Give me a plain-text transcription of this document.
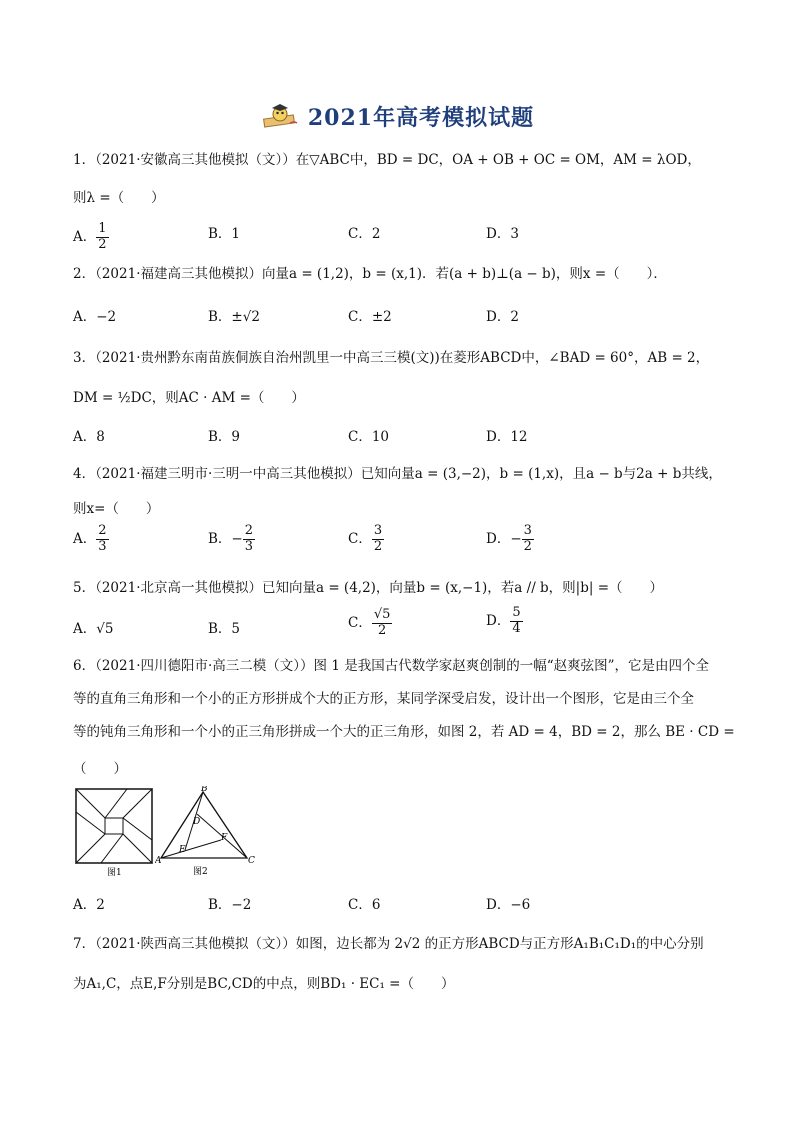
2021年高考模拟试题
1．（2021·安徽高三其他模拟（文））在▽ABC中，BD = DC，OA + OB + OC = OM，AM = λOD，
则λ =（　　）
A． $\frac{1}{2}$	B．1	C．2	D．3
2．（2021·福建高三其他模拟）向量a = (1,2)，b = (x,1)．若(a + b)⊥(a − b)，则x =（　　）．
A．−2	B．±√2	C．±2	D．2
3．（2021·贵州黔东南苗族侗族自治州凯里一中高三三模(文))在菱形ABCD中，∠BAD = 60°，AB = 2，
DM = ½DC，则AC · AM =（　　）
A．8	B．9	C．10	D．12
4．（2021·福建三明市·三明一中高三其他模拟）已知向量a = (3,−2)，b = (1,x)，且a − b与2a + b共线，
则x=（　　）
A． $\frac{2}{3}$	B．− $\frac{2}{3}$	C． $\frac{3}{2}$	D．− $\frac{3}{2}$
5．（2021·北京高一其他模拟）已知向量a = (4,2)，向量b = (x,−1)，若a // b，则|b| =（　　）
A．√5	B．5	C． $\frac{√5}{2}$	D． $\frac{5}{4}$
6．（2021·四川德阳市·高三二模（文））图 1 是我国古代数学家赵爽创制的一幅“赵爽弦图”，它是由四个全
等的直角三角形和一个小的正方形拼成个大的正方形，某同学深受启发，设计出一个图形，它是由三个全
等的钝角三角形和一个小的正三角形拼成一个大的正三角形，如图 2，若 AD = 4，BD = 2，那么 BE · CD =
（　　）
图1
B
A	C
D
E
F
图2
A．2	B．−2	C．6	D．−6
7．（2021·陕西高三其他模拟（文））如图，边长都为 2√2 的正方形ABCD与正方形A₁B₁C₁D₁的中心分别
为A₁,C，点E,F分别是BC,CD的中点，则BD₁ · EC₁ =（　　）
